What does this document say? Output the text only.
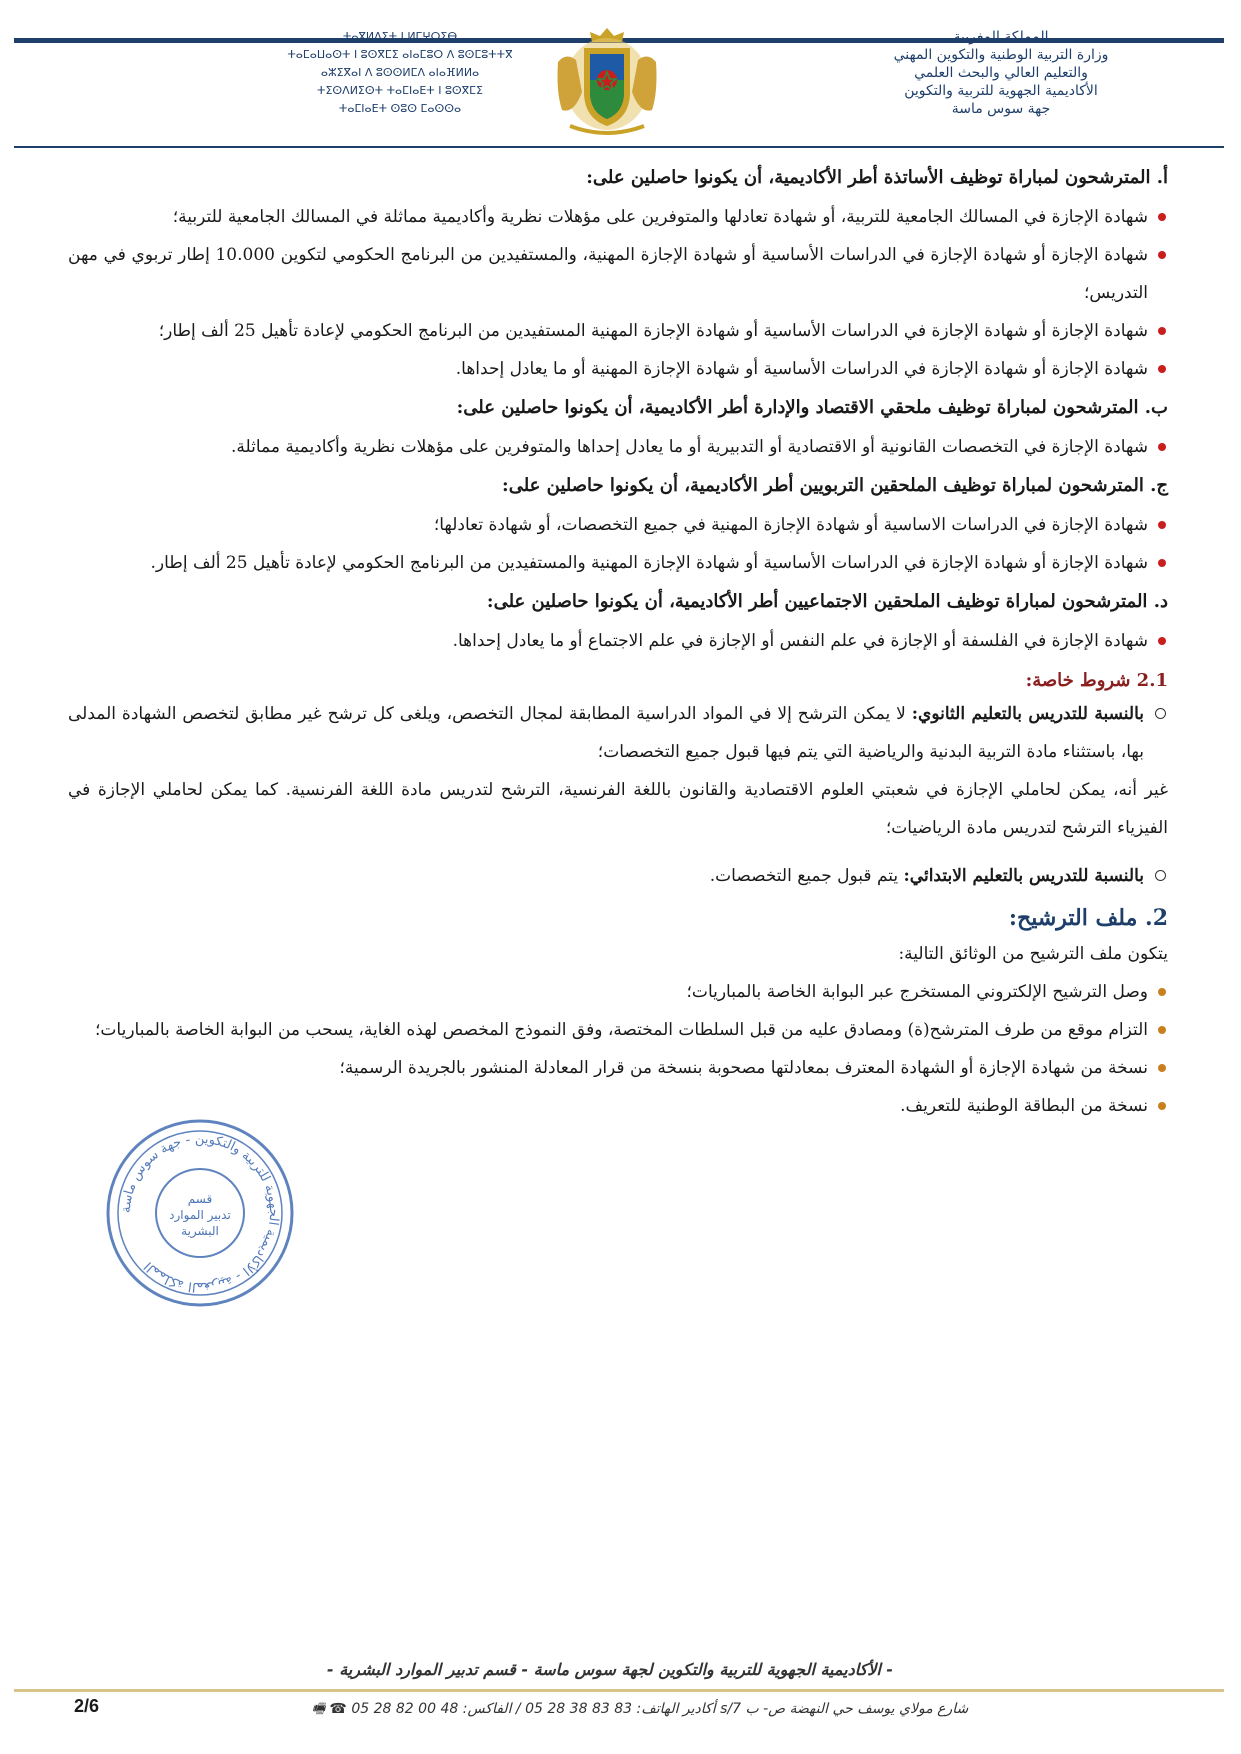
ⵜⴰⴳⵍⴷⵉⵜ ⵏ ⵍⵎⵖⵔⵉⴱ
ⵜⴰⵎⴰⵡⴰⵙⵜ ⵏ ⵓⵙⴳⵎⵉ ⴰⵏⴰⵎⵓⵔ ⴷ ⵓⵙⵎⵓⵜⵜⴳ
ⴰⵣⵉⴳⴰⵏ ⴷ ⵓⵙⵙⵍⵎⴷ ⴰⵏⴰⴼⵍⵍⴰ
ⵜⵉⵙⴷⵍⵉⵙⵜ ⵜⴰⵎⵏⴰⴹⵜ ⵏ ⵓⵙⴳⵎⵉ
ⵜⴰⵎⵏⴰⴹⵜ ⵙⵓⵙ ⵎⴰⵙⵙⴰ
المملكة المغربية
وزارة التربية الوطنية والتكوين المهني
والتعليم العالي والبحث العلمي
الأكاديمية الجهوية للتربية والتكوين
جهة سوس ماسة
أ. المترشحون لمباراة توظيف الأساتذة أطر الأكاديمية، أن يكونوا حاصلين على:
شهادة الإجازة في المسالك الجامعية للتربية، أو شهادة تعادلها والمتوفرين على مؤهلات نظرية وأكاديمية مماثلة في المسالك الجامعية للتربية؛
شهادة الإجازة أو شهادة الإجازة في الدراسات الأساسية أو شهادة الإجازة المهنية، والمستفيدين من البرنامج الحكومي لتكوين 10.000 إطار تربوي في مهن التدريس؛
شهادة الإجازة أو شهادة الإجازة في الدراسات الأساسية أو شهادة الإجازة المهنية المستفيدين من البرنامج الحكومي لإعادة تأهيل 25 ألف إطار؛
شهادة الإجازة أو شهادة الإجازة في الدراسات الأساسية أو شهادة الإجازة المهنية أو ما يعادل إحداها.
ب. المترشحون لمباراة توظيف ملحقي الاقتصاد والإدارة أطر الأكاديمية، أن يكونوا حاصلين على:
شهادة الإجازة في التخصصات القانونية أو الاقتصادية أو التدبيرية أو ما يعادل إحداها والمتوفرين على مؤهلات نظرية وأكاديمية مماثلة.
ج. المترشحون لمباراة توظيف الملحقين التربويين أطر الأكاديمية، أن يكونوا حاصلين على:
شهادة الإجازة في الدراسات الاساسية أو شهادة الإجازة المهنية في جميع التخصصات، أو شهادة تعادلها؛
شهادة الإجازة أو شهادة الإجازة في الدراسات الأساسية أو شهادة الإجازة المهنية والمستفيدين من البرنامج الحكومي لإعادة تأهيل 25 ألف إطار.
د. المترشحون لمباراة توظيف الملحقين الاجتماعيين أطر الأكاديمية، أن يكونوا حاصلين على:
شهادة الإجازة في الفلسفة أو الإجازة في علم النفس أو الإجازة في علم الاجتماع أو ما يعادل إحداها.
2.1 شروط خاصة:

بالنسبة للتدريس بالتعليم الثانوي: لا يمكن الترشح إلا في المواد الدراسية المطابقة لمجال التخصص، ويلغى كل ترشح غير مطابق لتخصص الشهادة المدلى بها، باستثناء مادة التربية البدنية والرياضية التي يتم فيها قبول جميع التخصصات؛

غير أنه، يمكن لحاملي الإجازة في شعبتي العلوم الاقتصادية والقانون باللغة الفرنسية، الترشح لتدريس مادة اللغة الفرنسية. كما يمكن لحاملي الإجازة في الفيزياء الترشح لتدريس مادة الرياضيات؛

بالنسبة للتدريس بالتعليم الابتدائي: يتم قبول جميع التخصصات.

2. ملف الترشيح:

يتكون ملف الترشيح من الوثائق التالية:

وصل الترشيح الإلكتروني المستخرج عبر البوابة الخاصة بالمباريات؛
التزام موقع من طرف المترشح(ة) ومصادق عليه من قبل السلطات المختصة، وفق النموذج المخصص لهذه الغاية، يسحب من البوابة الخاصة بالمباريات؛
نسخة من شهادة الإجازة أو الشهادة المعترف بمعادلتها مصحوبة بنسخة من قرار المعادلة المنشور بالجريدة الرسمية؛
نسخة من البطاقة الوطنية للتعريف.
المملكة المغربية - الأكاديمية الجهوية للتربية والتكوين - جهة سوس ماسة
قسم
تدبير الموارد
البشرية
- الأكاديمية الجهوية للتربية والتكوين لجهة سوس ماسة - قسم تدبير الموارد البشرية -
2/6	شارع مولاي يوسف حي النهضة ص- ب 7/s أكادير الهاتف: 83 83 38 28 05 / الفاكس: 48 00 82 28 05 ☎ 🖷
